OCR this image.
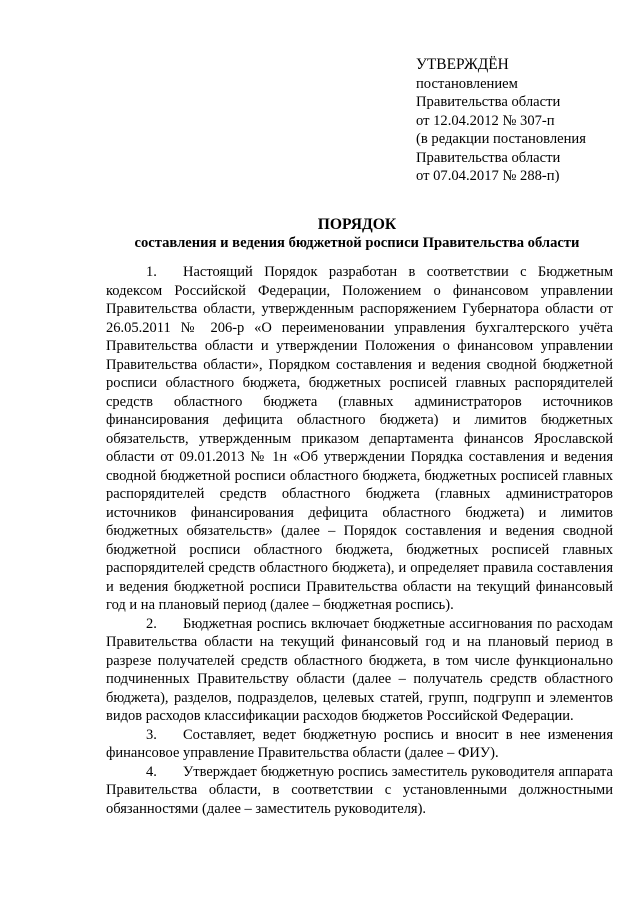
УТВЕРЖДЁН
постановлением
Правительства области
от 12.04.2012 № 307-п
(в редакции постановления
Правительства области
от 07.04.2017 № 288-п)
ПОРЯДОК
составления и ведения бюджетной росписи Правительства области

1. Настоящий Порядок разработан в соответствии с Бюджетным кодексом Российской Федерации, Положением о финансовом управлении Правительства области, утвержденным распоряжением Губернатора области от 26.05.2011 № 206-р «О переименовании управления бухгалтерского учёта Правительства области и утверждении Положения о финансовом управлении Правительства области», Порядком составления и ведения сводной бюджетной росписи областного бюджета, бюджетных росписей главных распорядителей средств областного бюджета (главных администраторов источников финансирования дефицита областного бюджета) и лимитов бюджетных обязательств, утвержденным приказом департамента финансов Ярославской области от 09.01.2013 № 1н «Об утверждении Порядка составления и ведения сводной бюджетной росписи областного бюджета, бюджетных росписей главных распорядителей средств областного бюджета (главных администраторов источников финансирования дефицита областного бюджета) и лимитов бюджетных обязательств» (далее – Порядок составления и ведения сводной бюджетной росписи областного бюджета, бюджетных росписей главных распорядителей средств областного бюджета), и определяет правила составления и ведения бюджетной росписи Правительства области на текущий финансовый год и на плановый период (далее – бюджетная роспись).

2. Бюджетная роспись включает бюджетные ассигнования по расходам Правительства области на текущий финансовый год и на плановый период в разрезе получателей средств областного бюджета, в том числе функционально подчиненных Правительству области (далее – получатель средств областного бюджета), разделов, подразделов, целевых статей, групп, подгрупп и элементов видов расходов классификации расходов бюджетов Российской Федерации.

3. Составляет, ведет бюджетную роспись и вносит в нее изменения финансовое управление Правительства области (далее – ФИУ).

4. Утверждает бюджетную роспись заместитель руководителя аппарата Правительства области, в соответствии с установленными должностными обязанностями (далее – заместитель руководителя).
